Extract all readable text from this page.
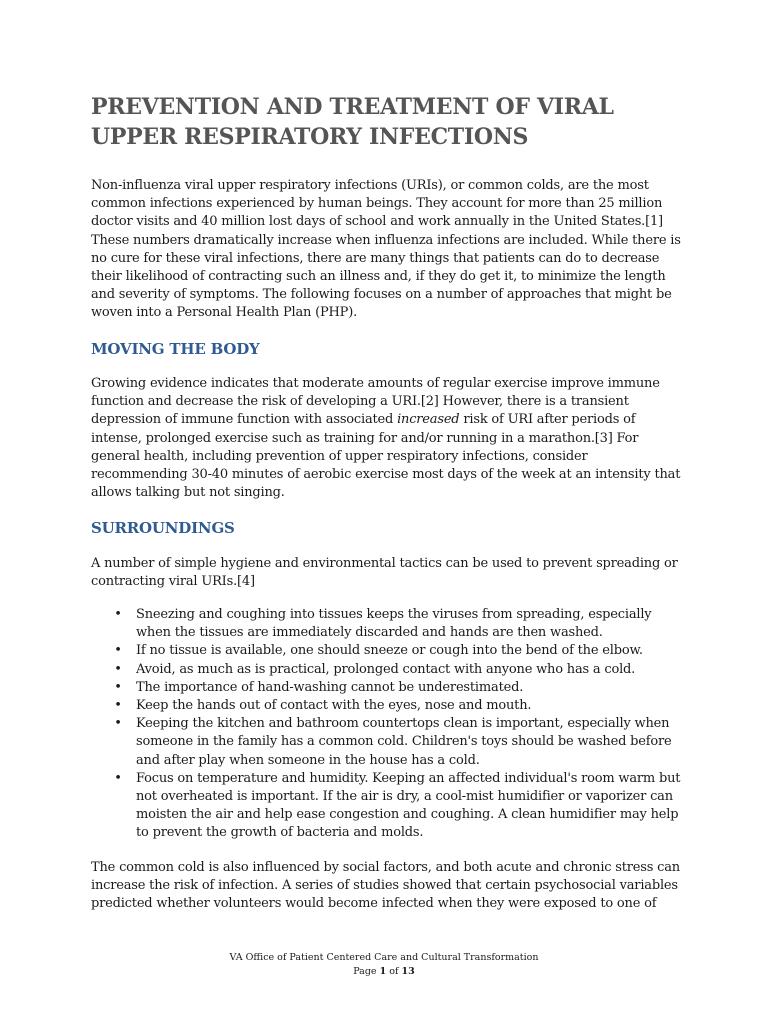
PREVENTION AND TREATMENT OF VIRAL UPPER RESPIRATORY INFECTIONS

Non-influenza viral upper respiratory infections (URIs), or common colds, are the most common infections experienced by human beings. They account for more than 25 million doctor visits and 40 million lost days of school and work annually in the United States.[1] These numbers dramatically increase when influenza infections are included. While there is no cure for these viral infections, there are many things that patients can do to decrease their likelihood of contracting such an illness and, if they do get it, to minimize the length and severity of symptoms. The following focuses on a number of approaches that might be woven into a Personal Health Plan (PHP).

MOVING THE BODY

Growing evidence indicates that moderate amounts of regular exercise improve immune function and decrease the risk of developing a URI.[2] However, there is a transient depression of immune function with associated increased risk of URI after periods of intense, prolonged exercise such as training for and/or running in a marathon.[3] For general health, including prevention of upper respiratory infections, consider recommending 30-40 minutes of aerobic exercise most days of the week at an intensity that allows talking but not singing.

SURROUNDINGS

A number of simple hygiene and environmental tactics can be used to prevent spreading or contracting viral URIs.[4]

• Sneezing and coughing into tissues keeps the viruses from spreading, especially when the tissues are immediately discarded and hands are then washed.
• If no tissue is available, one should sneeze or cough into the bend of the elbow.
• Avoid, as much as is practical, prolonged contact with anyone who has a cold.
• The importance of hand-washing cannot be underestimated.
• Keep the hands out of contact with the eyes, nose and mouth.
• Keeping the kitchen and bathroom countertops clean is important, especially when someone in the family has a common cold. Children's toys should be washed before and after play when someone in the house has a cold.
• Focus on temperature and humidity. Keeping an affected individual's room warm but not overheated is important. If the air is dry, a cool-mist humidifier or vaporizer can moisten the air and help ease congestion and coughing. A clean humidifier may help to prevent the growth of bacteria and molds.

The common cold is also influenced by social factors, and both acute and chronic stress can increase the risk of infection. A series of studies showed that certain psychosocial variables predicted whether volunteers would become infected when they were exposed to one of

VA Office of Patient Centered Care and Cultural Transformation
Page 1 of 13
